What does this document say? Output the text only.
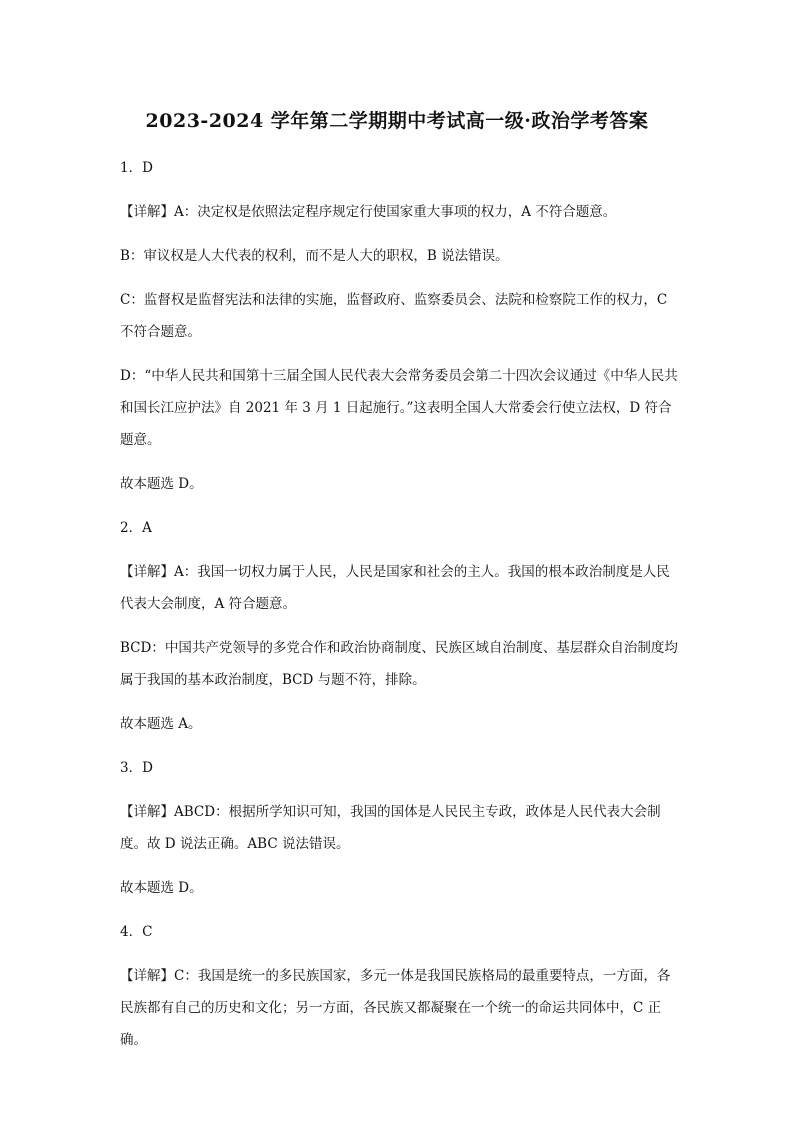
2023-2024 学年第二学期期中考试高一级·政治学考答案

1．D

【详解】A：决定权是依照法定程序规定行使国家重大事项的权力，A 不符合题意。

B：审议权是人大代表的权利，而不是人大的职权，B 说法错误。

C：监督权是监督宪法和法律的实施，监督政府、监察委员会、法院和检察院工作的权力，C 不符合题意。

D：“中华人民共和国第十三届全国人民代表大会常务委员会第二十四次会议通过《中华人民共和国长江应护法》自 2021 年 3 月 1 日起施行。”这表明全国人大常委会行使立法权，D 符合题意。

故本题选 D。

2．A

【详解】A：我国一切权力属于人民，人民是国家和社会的主人。我国的根本政治制度是人民代表大会制度，A 符合题意。

BCD：中国共产党领导的多党合作和政治协商制度、民族区域自治制度、基层群众自治制度均属于我国的基本政治制度，BCD 与题不符，排除。

故本题选 A。

3．D

【详解】ABCD：根据所学知识可知，我国的国体是人民民主专政，政体是人民代表大会制度。故 D 说法正确。ABC 说法错误。

故本题选 D。

4．C

【详解】C：我国是统一的多民族国家，多元一体是我国民族格局的最重要特点，一方面，各民族都有自己的历史和文化；另一方面，各民族又都凝聚在一个统一的命运共同体中，C 正确。
